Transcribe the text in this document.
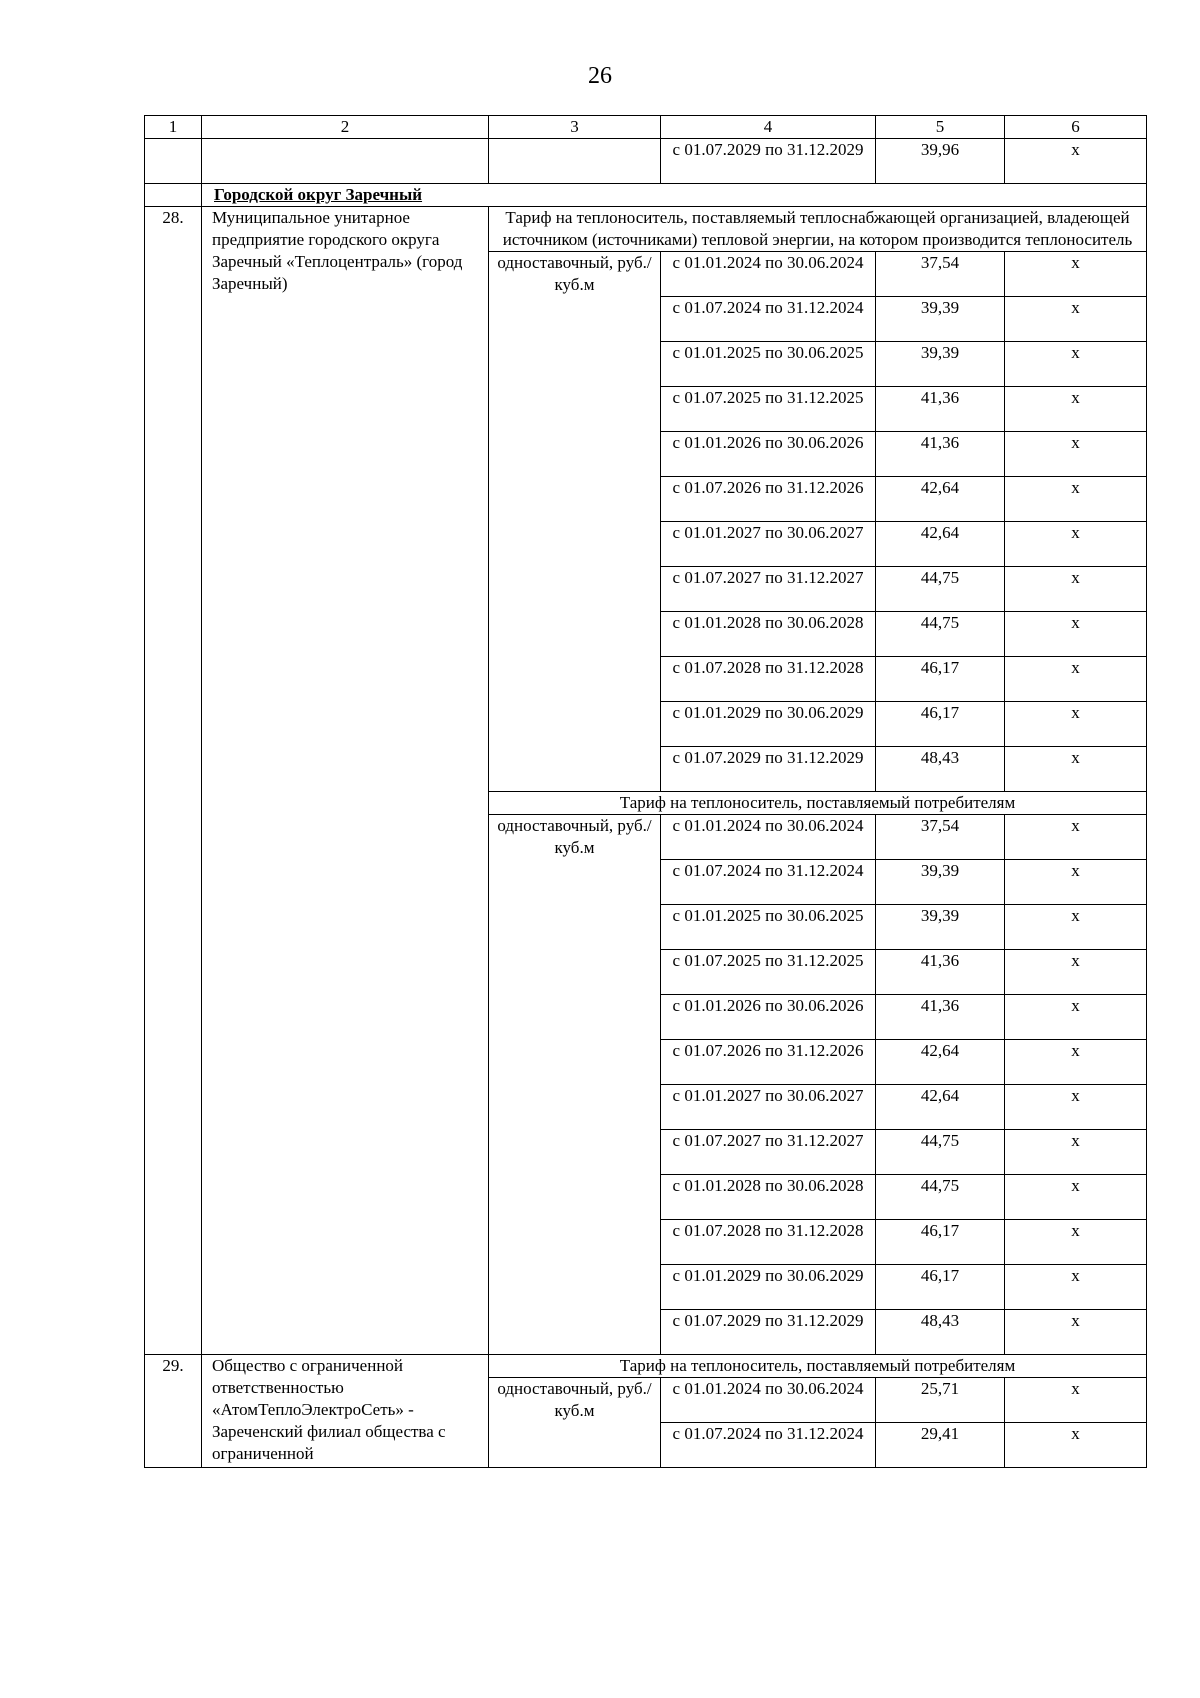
26
1	2	3	4	5	6
			с 01.07.2029 по 31.12.2029	39,96	х
	Городской округ Заречный				
28.	Муниципальное унитарное предприятие городского округа Заречный «Теплоцентраль» (город Заречный)	Тариф на теплоноситель, поставляемый теплоснабжающей организацией, владеющей источником (источниками) тепловой энергии, на котором производится теплоноситель			
		одноставочный, руб./куб.м	с 01.01.2024 по 30.06.2024	37,54	х
			с 01.07.2024 по 31.12.2024	39,39	х
			с 01.01.2025 по 30.06.2025	39,39	х
			с 01.07.2025 по 31.12.2025	41,36	х
			с 01.01.2026 по 30.06.2026	41,36	х
			с 01.07.2026 по 31.12.2026	42,64	х
			с 01.01.2027 по 30.06.2027	42,64	х
			с 01.07.2027 по 31.12.2027	44,75	х
			с 01.01.2028 по 30.06.2028	44,75	х
			с 01.07.2028 по 31.12.2028	46,17	х
			с 01.01.2029 по 30.06.2029	46,17	х
			с 01.07.2029 по 31.12.2029	48,43	х
		Тариф на теплоноситель, поставляемый потребителям			
		одноставочный, руб./куб.м	с 01.01.2024 по 30.06.2024	37,54	х
			с 01.07.2024 по 31.12.2024	39,39	х
			с 01.01.2025 по 30.06.2025	39,39	х
			с 01.07.2025 по 31.12.2025	41,36	х
			с 01.01.2026 по 30.06.2026	41,36	х
			с 01.07.2026 по 31.12.2026	42,64	х
			с 01.01.2027 по 30.06.2027	42,64	х
			с 01.07.2027 по 31.12.2027	44,75	х
			с 01.01.2028 по 30.06.2028	44,75	х
			с 01.07.2028 по 31.12.2028	46,17	х
			с 01.01.2029 по 30.06.2029	46,17	х
			с 01.07.2029 по 31.12.2029	48,43	х
29.	Общество с ограниченной ответственностью «АтомТеплоЭлектроСеть» - Зареченский филиал общества с ограниченной	Тариф на теплоноситель, поставляемый потребителям			
		одноставочный, руб./куб.м	с 01.01.2024 по 30.06.2024	25,71	х
			с 01.07.2024 по 31.12.2024	29,41	х
